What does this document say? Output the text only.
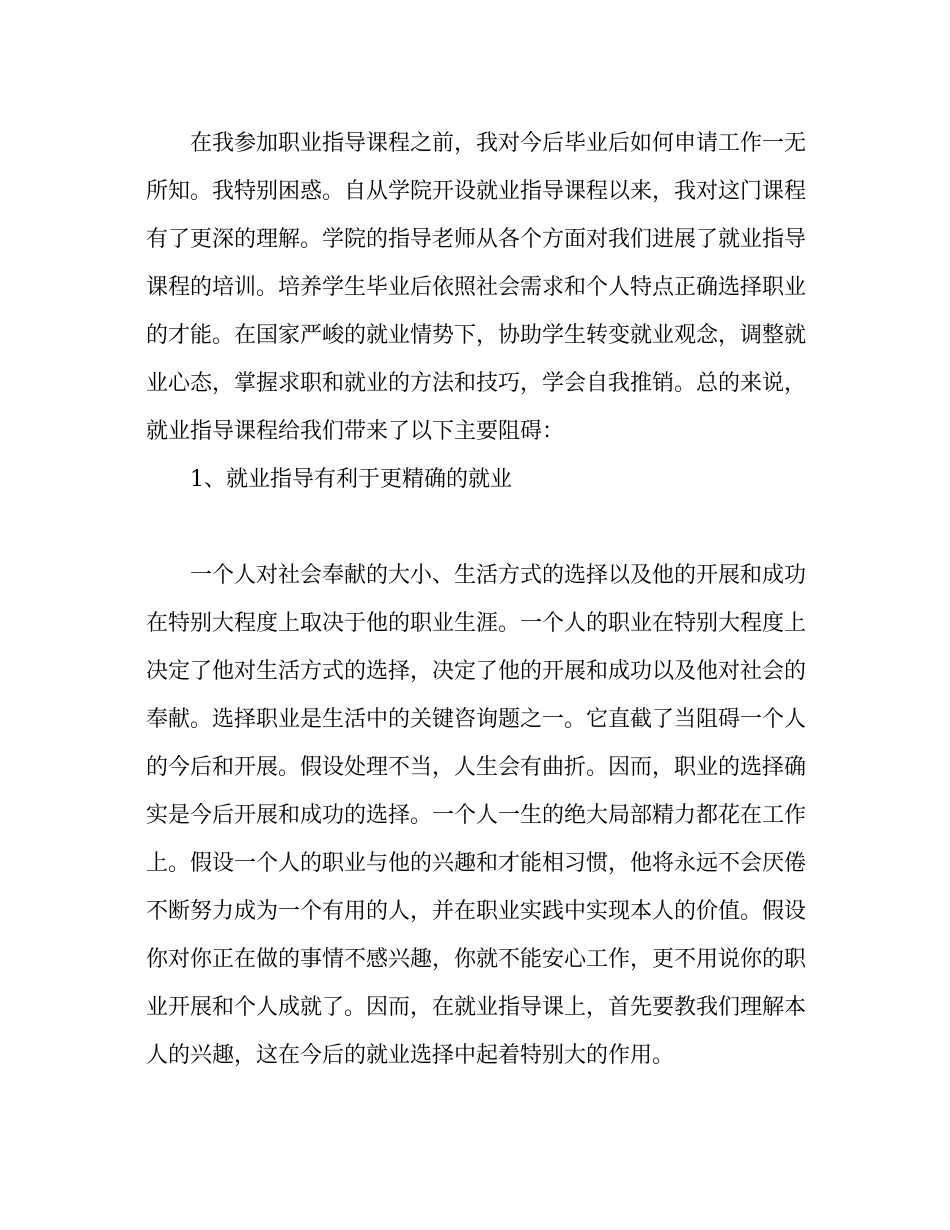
在我参加职业指导课程之前，我对今后毕业后如何申请工作一无
所知。我特别困惑。自从学院开设就业指导课程以来，我对这门课程
有了更深的理解。学院的指导老师从各个方面对我们进展了就业指导
课程的培训。培养学生毕业后依照社会需求和个人特点正确选择职业
的才能。在国家严峻的就业情势下，协助学生转变就业观念，调整就
业心态，掌握求职和就业的方法和技巧，学会自我推销。总的来说，
就业指导课程给我们带来了以下主要阻碍：
1、就业指导有利于更精确的就业
一个人对社会奉献的大小、生活方式的选择以及他的开展和成功
在特别大程度上取决于他的职业生涯。一个人的职业在特别大程度上
决定了他对生活方式的选择，决定了他的开展和成功以及他对社会的
奉献。选择职业是生活中的关键咨询题之一。它直截了当阻碍一个人
的今后和开展。假设处理不当，人生会有曲折。因而，职业的选择确
实是今后开展和成功的选择。一个人一生的绝大局部精力都花在工作
上。假设一个人的职业与他的兴趣和才能相习惯，他将永远不会厌倦
不断努力成为一个有用的人，并在职业实践中实现本人的价值。假设
你对你正在做的事情不感兴趣，你就不能安心工作，更不用说你的职
业开展和个人成就了。因而，在就业指导课上，首先要教我们理解本
人的兴趣，这在今后的就业选择中起着特别大的作用。
